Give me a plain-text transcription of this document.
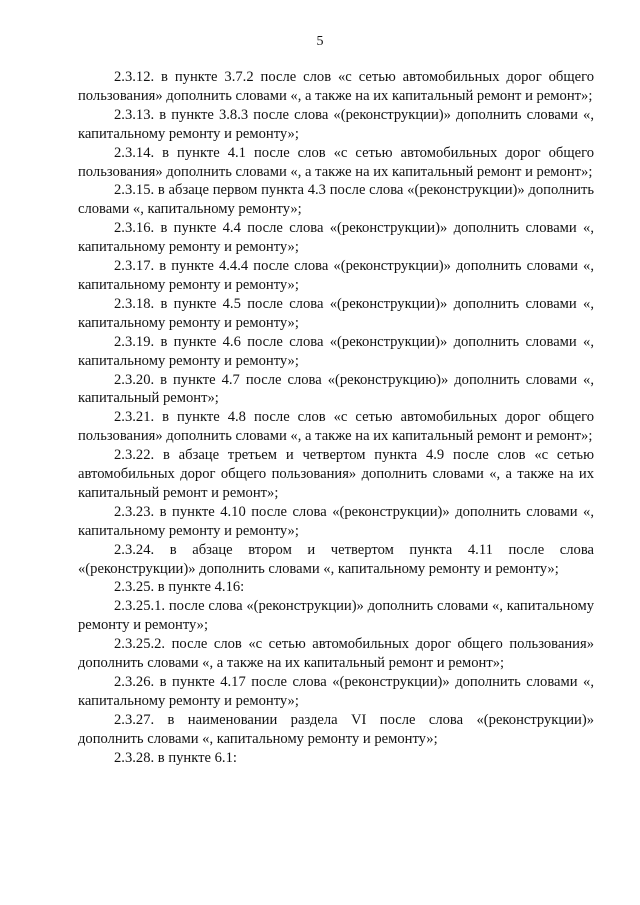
5

2.3.12. в пункте 3.7.2 после слов «с сетью автомобильных дорог общего пользования» дополнить словами «, а также на их капитальный ремонт и ремонт»;

2.3.13. в пункте 3.8.3 после слова «(реконструкции)» дополнить словами «, капитальному ремонту и ремонту»;

2.3.14. в пункте 4.1 после слов «с сетью автомобильных дорог общего пользования» дополнить словами «, а также на их капитальный ремонт и ремонт»;

2.3.15. в абзаце первом пункта 4.3 после слова «(реконструкции)» дополнить словами «, капитальному ремонту»;

2.3.16. в пункте 4.4 после слова «(реконструкции)» дополнить словами «, капитальному ремонту и ремонту»;

2.3.17. в пункте 4.4.4 после слова «(реконструкции)» дополнить словами «, капитальному ремонту и ремонту»;

2.3.18. в пункте 4.5 после слова «(реконструкции)» дополнить словами «, капитальному ремонту и ремонту»;

2.3.19. в пункте 4.6 после слова «(реконструкции)» дополнить словами «, капитальному ремонту и ремонту»;

2.3.20. в пункте 4.7 после слова «(реконструкцию)» дополнить словами «, капитальный ремонт»;

2.3.21. в пункте 4.8 после слов «с сетью автомобильных дорог общего пользования» дополнить словами «, а также на их капитальный ремонт и ремонт»;

2.3.22. в абзаце третьем и четвертом пункта 4.9 после слов «с сетью автомобильных дорог общего пользования» дополнить словами «, а также на их капитальный ремонт и ремонт»;

2.3.23. в пункте 4.10 после слова «(реконструкции)» дополнить словами «, капитальному ремонту и ремонту»;

2.3.24. в абзаце втором и четвертом пункта 4.11 после слова «(реконструкции)» дополнить словами «, капитальному ремонту и ремонту»;

2.3.25. в пункте 4.16:

2.3.25.1. после слова «(реконструкции)» дополнить словами «, капитальному ремонту и ремонту»;

2.3.25.2. после слов «с сетью автомобильных дорог общего пользования» дополнить словами «, а также на их капитальный ремонт и ремонт»;

2.3.26. в пункте 4.17 после слова «(реконструкции)» дополнить словами «, капитальному ремонту и ремонту»;

2.3.27. в наименовании раздела VI после слова «(реконструкции)» дополнить словами «, капитальному ремонту и ремонту»;

2.3.28. в пункте 6.1:
